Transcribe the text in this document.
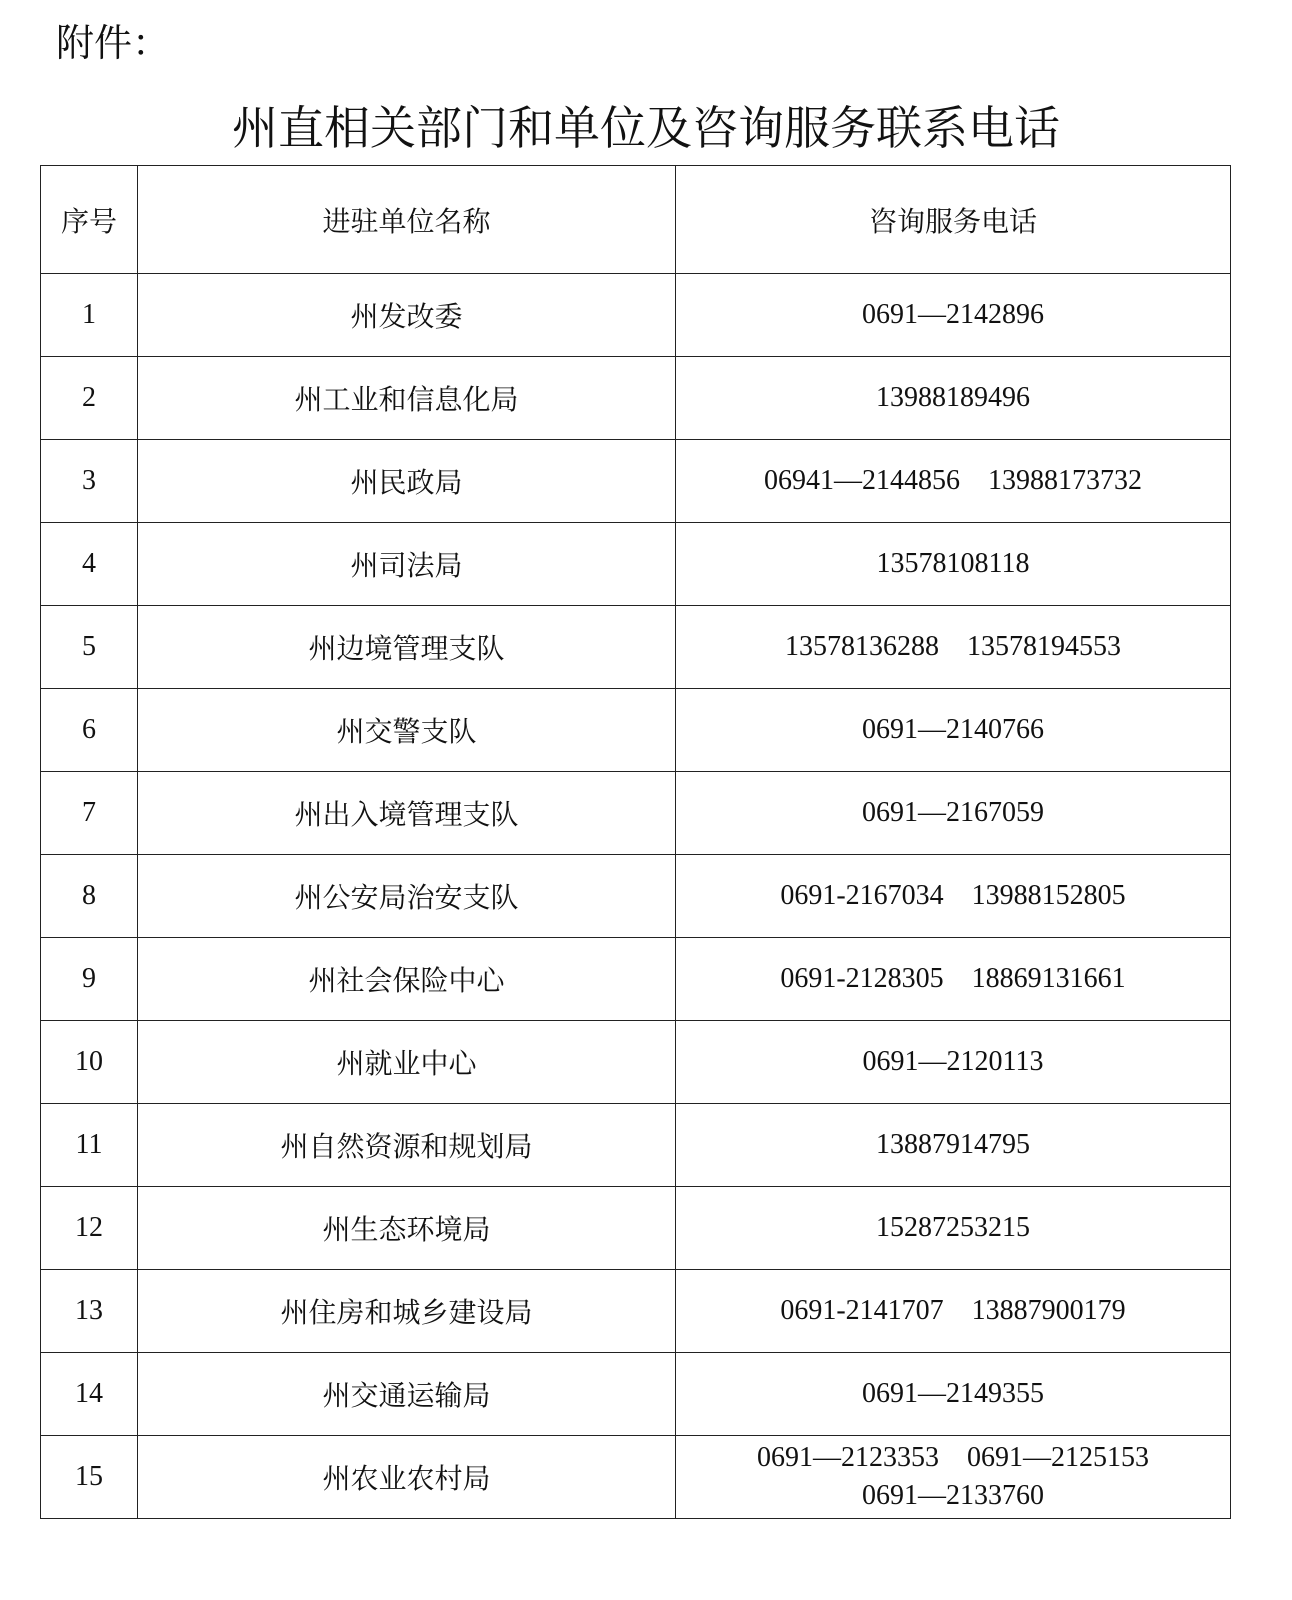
附件：
州直相关部门和单位及咨询服务联系电话
序号	进驻单位名称	咨询服务电话
1	州发改委	0691—2142896
2	州工业和信息化局	13988189496
3	州民政局	06941—2144856 13988173732
4	州司法局	13578108118
5	州边境管理支队	13578136288 13578194553
6	州交警支队	0691—2140766
7	州出入境管理支队	0691—2167059
8	州公安局治安支队	0691-2167034 13988152805
9	州社会保险中心	0691-2128305 18869131661
10	州就业中心	0691—2120113
11	州自然资源和规划局	13887914795
12	州生态环境局	15287253215
13	州住房和城乡建设局	0691-2141707 13887900179
14	州交通运输局	0691—2149355
15	州农业农村局	0691—2123353 0691—2125153
0691—2133760
